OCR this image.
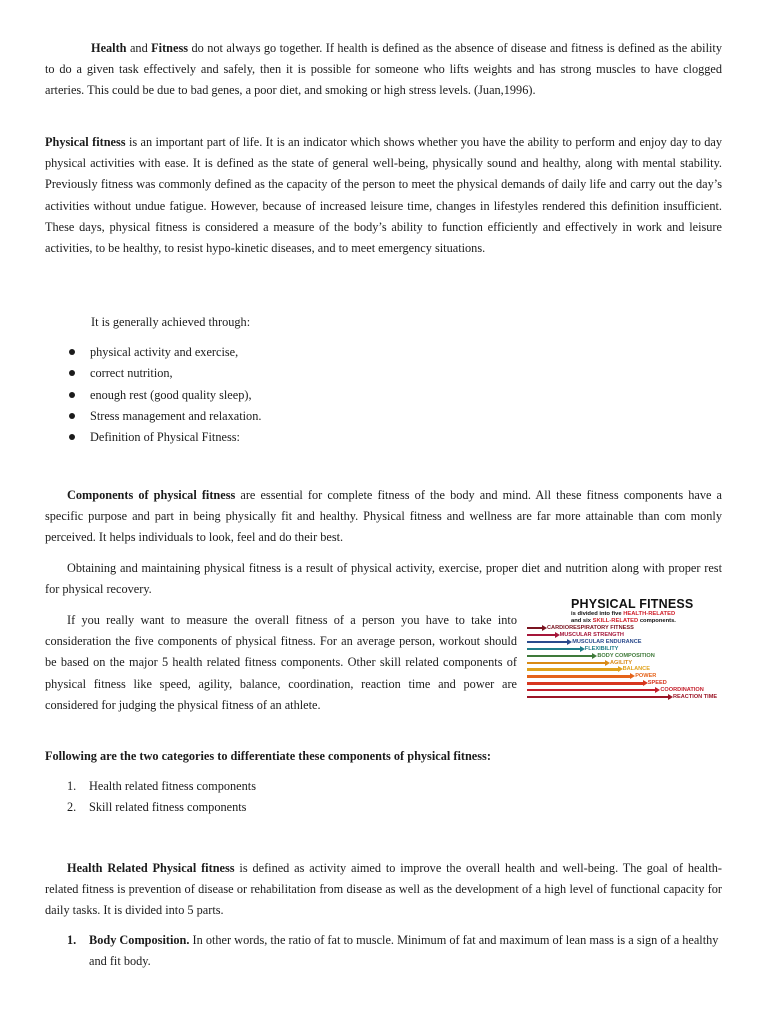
Health and Fitness do not always go together. If health is defined as the absence of disease and fitness is defined as the ability to do a given task effectively and safely, then it is possible for someone who lifts weights and has strong muscles to have clogged arteries. This could be due to bad genes, a poor diet, and smoking or high stress levels. (Juan,1996).

Physical fitness is an important part of life. It is an indicator which shows whether you have the ability to perform and enjoy day to day physical activities with ease. It is defined as the state of general well-being, physically sound and healthy, along with mental stability. Previously fitness was commonly defined as the capacity of the person to meet the physical demands of daily life and carry out the day’s activities without undue fatigue. However, because of increased leisure time, changes in lifestyles rendered this definition insufficient. These days, physical fitness is considered a measure of the body’s ability to function efficiently and effectively in work and leisure activities, to be healthy, to resist hypo-kinetic diseases, and to meet emergency situations.

It is generally achieved through:

physical activity and exercise,
correct nutrition,
enough rest (good quality sleep),
Stress management and relaxation.
Definition of Physical Fitness:

Components of physical fitness are essential for complete fitness of the body and mind. All these fitness components have a specific purpose and part in being physically fit and healthy. Physical fitness and wellness are far more attainable than com monly perceived. It helps individuals to look, feel and do their best.

Obtaining and maintaining physical fitness is a result of physical activity, exercise, proper diet and nutrition along with proper rest for physical recovery.

If you really want to measure the overall fitness of a person you have to take into consideration the five components of physical fitness. For an average person, workout should be based on the major 5 health related fitness components. Other skill related components of physical fitness like speed, agility, balance, coordination, reaction time and power are considered for judging the physical fitness of an athlete.

PHYSICAL FITNESS
is divided into five HEALTH-RELATED
and six SKILL-RELATED components.
CARDIORESPIRATORY FITNESS
MUSCULAR STRENGTH
MUSCULAR ENDURANCE
FLEXIBILITY
BODY COMPOSITION
AGILITY
BALANCE
POWER
SPEED
COORDINATION
REACTION TIME

Following are the two categories to differentiate these components of physical fitness:

1. Health related fitness components
2. Skill related fitness components

Health Related Physical fitness is defined as activity aimed to improve the overall health and well-being. The goal of health- related fitness is prevention of disease or rehabilitation from disease as well as the development of a high level of functional capacity for daily tasks. It is divided into 5 parts.

1. Body Composition. In other words, the ratio of fat to muscle. Minimum of fat and maximum of lean mass is a sign of a healthy and fit body.
